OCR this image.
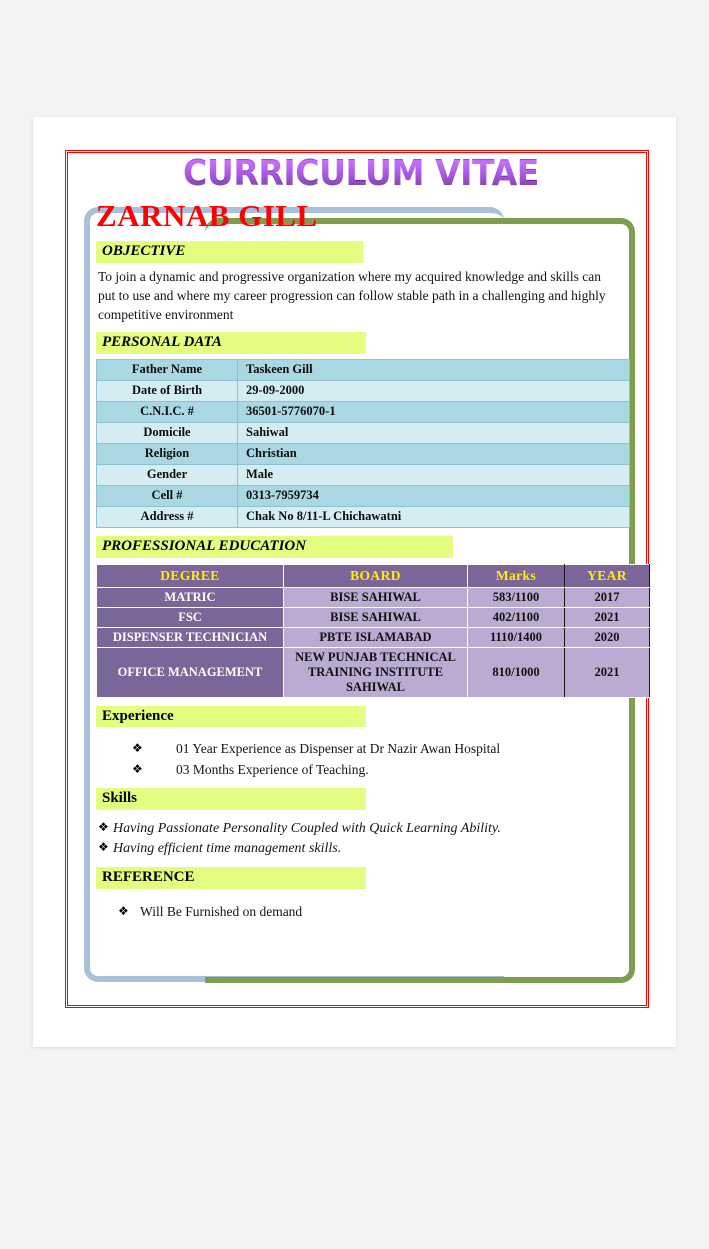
CURRICULUM VITAE
ZARNAB GILL
OBJECTIVE
To join a dynamic and progressive organization where my acquired knowledge and skills can put to use and where my career progression can follow stable path in a challenging and highly competitive environment
PERSONAL DATA
Father Name	Taskeen Gill
Date of Birth	29-09-2000
C.N.I.C. #	36501-5776070-1
Domicile	Sahiwal
Religion	Christian
Gender	Male
Cell #	0313-7959734
Address #	Chak No 8/11-L Chichawatni
PROFESSIONAL EDUCATION
DEGREE	BOARD	Marks	YEAR
MATRIC	BISE SAHIWAL	583/1100	2017
FSC	BISE SAHIWAL	402/1100	2021
DISPENSER TECHNICIAN	PBTE ISLAMABAD	1110/1400	2020
OFFICE MANAGEMENT	NEW PUNJAB TECHNICAL TRAINING INSTITUTE SAHIWAL	810/1000	2021
Experience
❖	01 Year Experience as Dispenser at Dr Nazir Awan Hospital
❖	03 Months Experience of Teaching.
Skills
❖ Having Passionate Personality Coupled with Quick Learning Ability.
❖ Having efficient time management skills.
REFERENCE
❖ Will Be Furnished on demand
